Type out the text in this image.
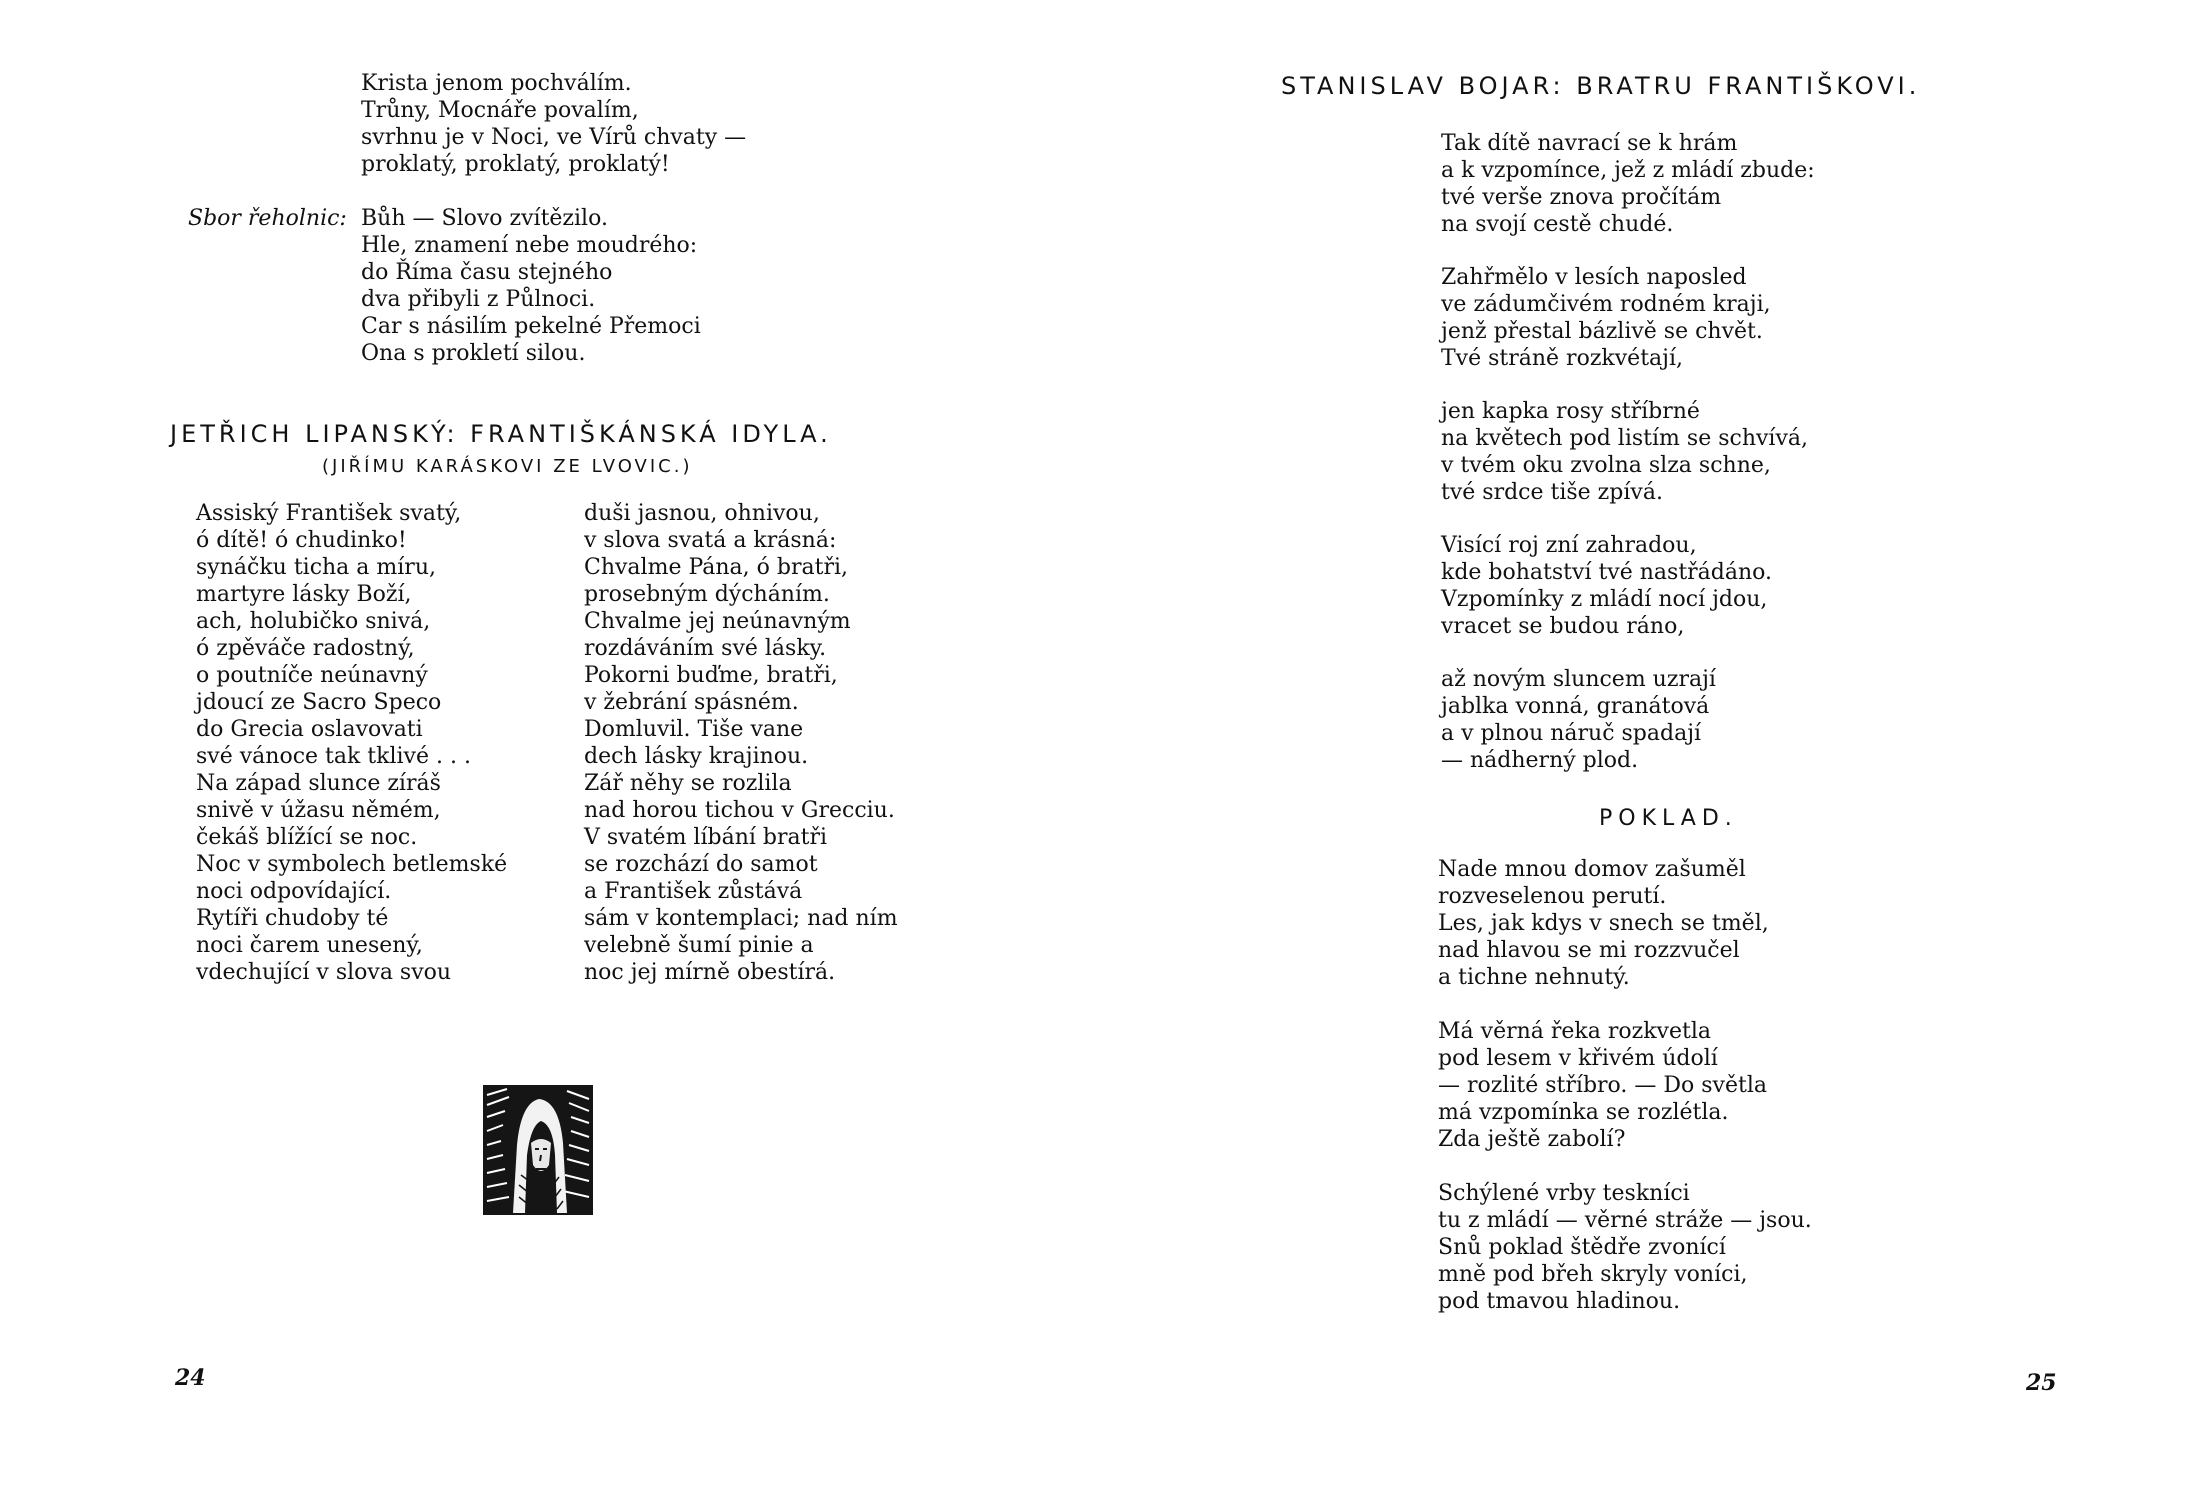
Krista jenom pochválím.
Trůny, Mocnáře povalím,
svrhnu je v Noci, ve Vírů chvaty —
proklatý, proklatý, proklatý!
Sbor řeholnic: Bůh — Slovo zvítězilo.
Hle, znamení nebe moudrého:
do Říma času stejného
dva přibyli z Půlnoci.
Car s násilím pekelné Přemoci
Ona s prokletí silou.
JETŘICH LIPANSKÝ: FRANTIŠKÁNSKÁ IDYLA.
(JIŘÍMU KARÁSKOVI ZE LVOVIC.)
Assiský František svatý,
ó dítě! ó chudinko!
synáčku ticha a míru,
martyre lásky Boží,
ach, holubičko snivá,
ó zpěváče radostný,
o poutníče neúnavný
jdoucí ze Sacro Speco
do Grecia oslavovati
své vánoce tak tklivé . . .
Na západ slunce zíráš
snivě v úžasu němém,
čekáš blížící se noc.
Noc v symbolech betlemské
noci odpovídající.
Rytíři chudoby té
noci čarem unesený,
vdechující v slova svou
duši jasnou, ohnivou,
v slova svatá a krásná:
Chvalme Pána, ó bratři,
prosebným dýcháním.
Chvalme jej neúnavným
rozdáváním své lásky.
Pokorni buďme, bratři,
v žebrání spásném.
Domluvil. Tiše vane
dech lásky krajinou.
Zář něhy se rozlila
nad horou tichou v Grecciu.
V svatém líbání bratři
se rozchází do samot
a František zůstává
sám v kontemplaci; nad ním
velebně šumí pinie a
noc jej mírně obestírá.
24
STANISLAV BOJAR: BRATRU FRANTIŠKOVI.
Tak dítě navrací se k hrám
a k vzpomínce, jež z mládí zbude:
tvé verše znova pročítám
na svojí cestě chudé.
Zahřmělo v lesích naposled
ve zádumčivém rodném kraji,
jenž přestal bázlivě se chvět.
Tvé stráně rozkvétají,
jen kapka rosy stříbrné
na květech pod listím se schvívá,
v tvém oku zvolna slza schne,
tvé srdce tiše zpívá.
Visící roj zní zahradou,
kde bohatství tvé nastřádáno.
Vzpomínky z mládí nocí jdou,
vracet se budou ráno,
až novým sluncem uzrají
jablka vonná, granátová
a v plnou náruč spadají
— nádherný plod.
POKLAD.
Nade mnou domov zašuměl
rozveselenou perutí.
Les, jak kdys v snech se tměl,
nad hlavou se mi rozzvučel
a tichne nehnutý.
Má věrná řeka rozkvetla
pod lesem v křivém údolí
— rozlité stříbro. — Do světla
má vzpomínka se rozlétla.
Zda ještě zabolí?
Schýlené vrby teskníci
tu z mládí — věrné stráže — jsou.
Snů poklad štědře zvonící
mně pod břeh skryly voníci,
pod tmavou hladinou.
25
